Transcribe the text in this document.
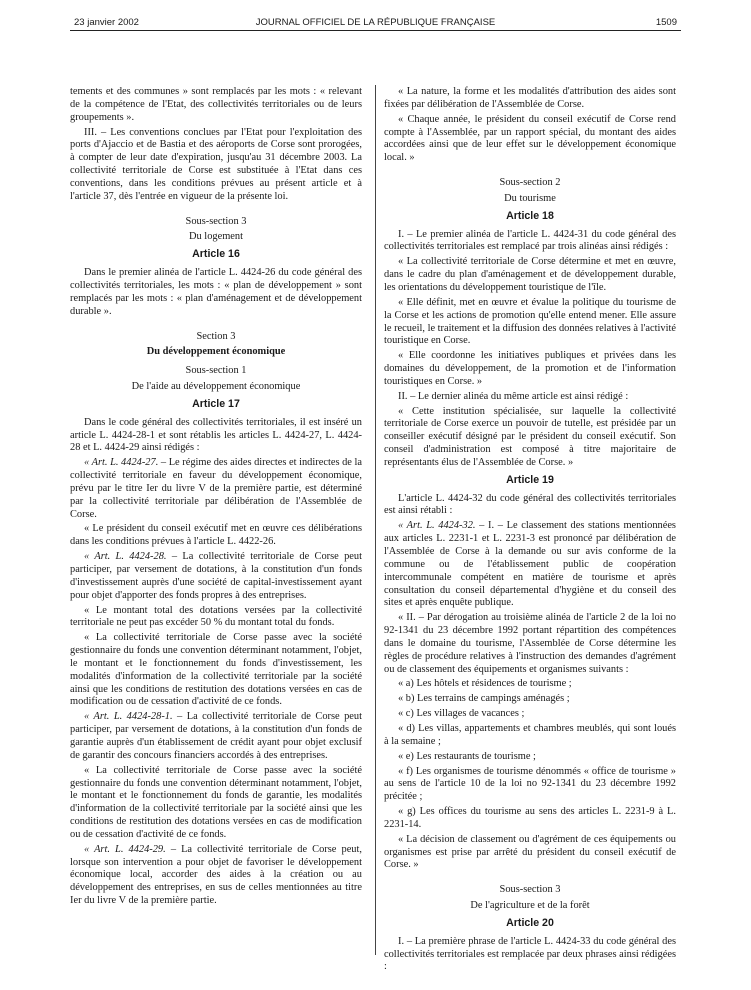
23 janvier 2002	JOURNAL OFFICIEL DE LA RÉPUBLIQUE FRANÇAISE	1509

tements et des communes » sont remplacés par les mots : « relevant de la compétence de l'Etat, des collectivités territoriales ou de leurs groupements ».

III. – Les conventions conclues par l'Etat pour l'exploitation des ports d'Ajaccio et de Bastia et des aéroports de Corse sont prorogées, à compter de leur date d'expiration, jusqu'au 31 décembre 2003. La collectivité territoriale de Corse est substituée à l'Etat dans ces conventions, dans les conditions prévues au présent article et à l'article 37, dès l'entrée en vigueur de la présente loi.

Sous-section 3
Du logement
Article 16

Dans le premier alinéa de l'article L. 4424-26 du code général des collectivités territoriales, les mots : « plan de développement » sont remplacés par les mots : « plan d'aménagement et de développement durable ».

Section 3
Du développement économique
Sous-section 1
De l'aide au développement économique
Article 17

Dans le code général des collectivités territoriales, il est inséré un article L. 4424-28-1 et sont rétablis les articles L. 4424-27, L. 4424-28 et L. 4424-29 ainsi rédigés :

« Art. L. 4424-27. – Le régime des aides directes et indirectes de la collectivité territoriale en faveur du développement économique, prévu par le titre Ier du livre V de la première partie, est déterminé par la collectivité territoriale par délibération de l'Assemblée de Corse.

« Le président du conseil exécutif met en œuvre ces délibérations dans les conditions prévues à l'article L. 4422-26.

« Art. L. 4424-28. – La collectivité territoriale de Corse peut participer, par versement de dotations, à la constitution d'un fonds d'investissement auprès d'une société de capital-investissement ayant pour objet d'apporter des fonds propres à des entreprises.

« Le montant total des dotations versées par la collectivité territoriale ne peut pas excéder 50 % du montant total du fonds.

« La collectivité territoriale de Corse passe avec la société gestionnaire du fonds une convention déterminant notamment, l'objet, le montant et le fonctionnement du fonds d'investissement, les modalités d'information de la collectivité territoriale par la société ainsi que les conditions de restitution des dotations versées en cas de modification ou de cessation d'activité de ce fonds.

« Art. L. 4424-28-1. – La collectivité territoriale de Corse peut participer, par versement de dotations, à la constitution d'un fonds de garantie auprès d'un établissement de crédit ayant pour objet exclusif de garantir des concours financiers accordés à des entreprises.

« La collectivité territoriale de Corse passe avec la société gestionnaire du fonds une convention déterminant notamment, l'objet, le montant et le fonctionnement du fonds de garantie, les modalités d'information de la collectivité territoriale par la société ainsi que les conditions de restitution des dotations versées en cas de modification ou de cessation d'activité de ce fonds.

« Art. L. 4424-29. – La collectivité territoriale de Corse peut, lorsque son intervention a pour objet de favoriser le développement économique local, accorder des aides à la création ou au développement des entreprises, en sus de celles mentionnées au titre Ier du livre V de la première partie.

« La nature, la forme et les modalités d'attribution des aides sont fixées par délibération de l'Assemblée de Corse.

« Chaque année, le président du conseil exécutif de Corse rend compte à l'Assemblée, par un rapport spécial, du montant des aides accordées ainsi que de leur effet sur le développement économique local. »

Sous-section 2
Du tourisme
Article 18

I. – Le premier alinéa de l'article L. 4424-31 du code général des collectivités territoriales est remplacé par trois alinéas ainsi rédigés :

« La collectivité territoriale de Corse détermine et met en œuvre, dans le cadre du plan d'aménagement et de développement durable, les orientations du développement touristique de l'île.

« Elle définit, met en œuvre et évalue la politique du tourisme de la Corse et les actions de promotion qu'elle entend mener. Elle assure le recueil, le traitement et la diffusion des données relatives à l'activité touristique en Corse.

« Elle coordonne les initiatives publiques et privées dans les domaines du développement, de la promotion et de l'information touristiques en Corse. »

II. – Le dernier alinéa du même article est ainsi rédigé :

« Cette institution spécialisée, sur laquelle la collectivité territoriale de Corse exerce un pouvoir de tutelle, est présidée par un conseiller exécutif désigné par le président du conseil exécutif. Son conseil d'administration est composé à titre majoritaire de représentants élus de l'Assemblée de Corse. »

Article 19

L'article L. 4424-32 du code général des collectivités territoriales est ainsi rétabli :

« Art. L. 4424-32. – I. – Le classement des stations mentionnées aux articles L. 2231-1 et L. 2231-3 est prononcé par délibération de l'Assemblée de Corse à la demande ou sur avis conforme de la commune ou de l'établissement public de coopération intercommunale compétent en matière de tourisme et après consultation du conseil départemental d'hygiène et du conseil des sites et après enquête publique.

« II. – Par dérogation au troisième alinéa de l'article 2 de la loi no 92-1341 du 23 décembre 1992 portant répartition des compétences dans le domaine du tourisme, l'Assemblée de Corse détermine les règles de procédure relatives à l'instruction des demandes d'agrément ou de classement des équipements et organismes suivants :

« a) Les hôtels et résidences de tourisme ;

« b) Les terrains de campings aménagés ;

« c) Les villages de vacances ;

« d) Les villas, appartements et chambres meublés, qui sont loués à la semaine ;

« e) Les restaurants de tourisme ;

« f) Les organismes de tourisme dénommés « office de tourisme » au sens de l'article 10 de la loi no 92-1341 du 23 décembre 1992 précitée ;

« g) Les offices du tourisme au sens des articles L. 2231-9 à L. 2231-14.

« La décision de classement ou d'agrément de ces équipements ou organismes est prise par arrêté du président du conseil exécutif de Corse. »

Sous-section 3
De l'agriculture et de la forêt
Article 20

I. – La première phrase de l'article L. 4424-33 du code général des collectivités territoriales est remplacée par deux phrases ainsi rédigées :
